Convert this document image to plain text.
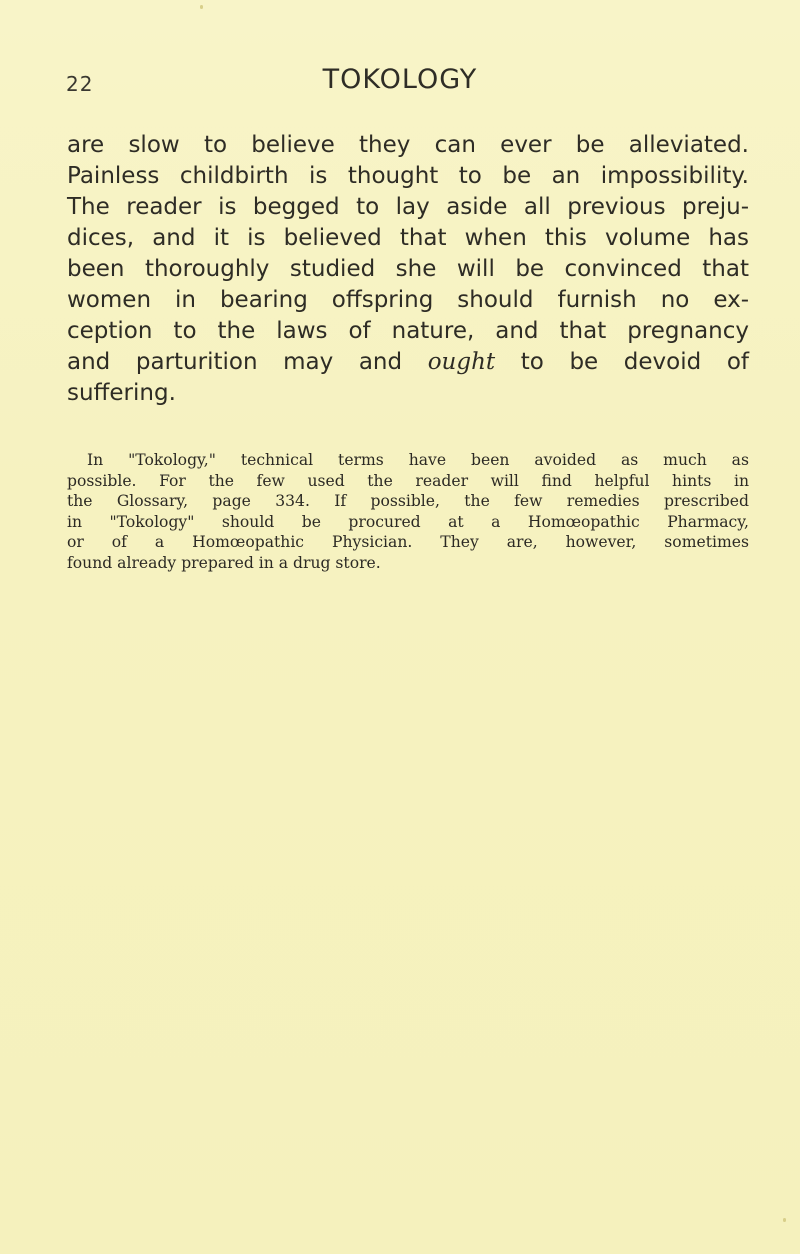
22	TOKOLOGY
are slow to believe they can ever be alleviated.
Painless childbirth is thought to be an impossibility.
The reader is begged to lay aside all previous preju-
dices, and it is believed that when this volume has
been thoroughly studied she will be convinced that
women in bearing offspring should furnish no ex-
ception to the laws of nature, and that pregnancy
and parturition may and ought to be devoid of
suffering.
In "Tokology," technical terms have been avoided as much as
possible. For the few used the reader will find helpful hints in
the Glossary, page 334. If possible, the few remedies prescribed
in "Tokology" should be procured at a Homœopathic Pharmacy,
or of a Homœopathic Physician. They are, however, sometimes
found already prepared in a drug store.
